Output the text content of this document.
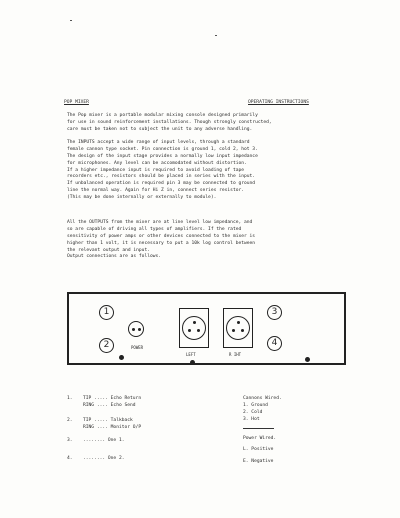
POP MIXER	OPERATING INSTRUCTIONS

The Pop mixer is a portable modular mixing console designed primarily

for use in sound reinforcement installations. Though strongly constructed,

care must be taken not to subject the unit to any adverse handling.

The INPUTS accept a wide range of input levels, through a standard

female cannon type socket. Pin connection is ground 1, cold 2, hot 3.

The design of the input stage provides a normally low input impedance

for microphones. Any level can be accomodated without distortion.

If a higher impedance input is required to avoid loading of tape

recorders etc., resistors should be placed in series with the input.

If unbalanced operation is required pin 3 may be connected to ground

line the normal way. Again for Hi Z in, connect series resistor.

(This may be done internally or externally to module).

All the OUTPUTS from the mixer are at line level low impedance, and

so are capable of driving all types of amplifiers. If the rated

sensitivity of power amps or other devices connected to the mixer is

higher than 1 volt, it is necessary to put a 10k log control between

the relevant output and input.

Output connections are as follows.

1
2	POWER
LEFT	R IHT
3
4

1. TIP ..... Echo Return

RING .... Echo Send

2. TIP ..... Talkback

RING .... Monitor O/P

3. ........ One 1.

4. ........ One 2.

Cannons Wired.

1. Ground

2. Cold

3. Hot

Power Wired.

L. Positive

E. Negative
